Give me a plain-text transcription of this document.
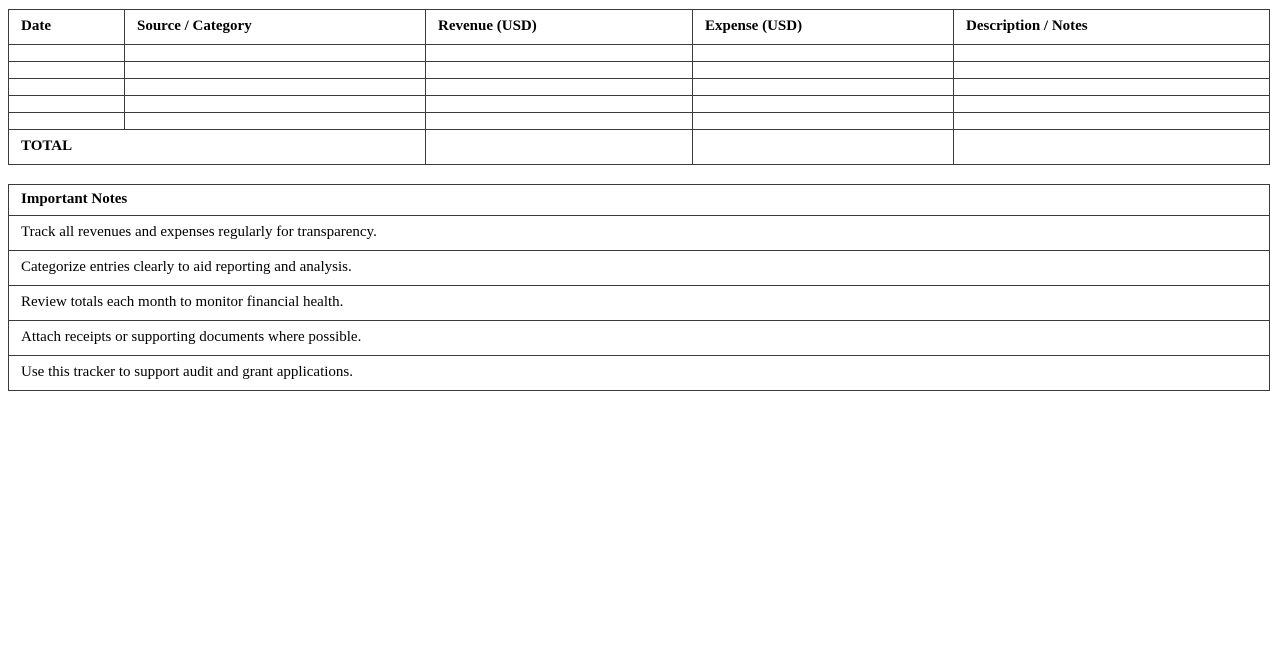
Date	Source / Category	Revenue (USD)	Expense (USD)	Description / Notes

TOTAL				
Important Notes
Track all revenues and expenses regularly for transparency.
Categorize entries clearly to aid reporting and analysis.
Review totals each month to monitor financial health.
Attach receipts or supporting documents where possible.
Use this tracker to support audit and grant applications.
